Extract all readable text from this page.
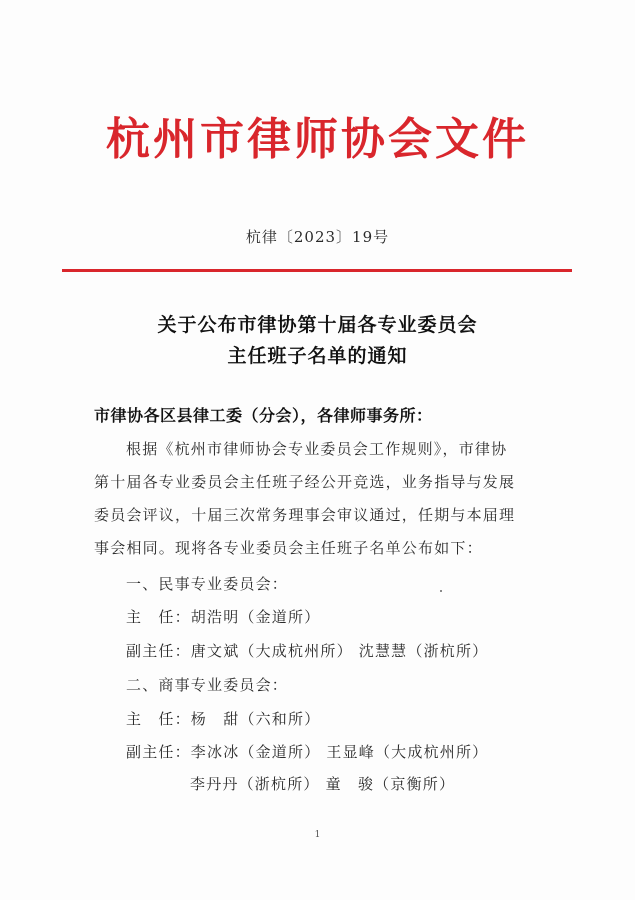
杭州市律师协会文件
杭律〔2023〕19号
关于公布市律协第十届各专业委员会
主任班子名单的通知
市律协各区县律工委（分会），各律师事务所：
根据《杭州市律师协会专业委员会工作规则》，市律协
第十届各专业委员会主任班子经公开竞选，业务指导与发展
委员会评议，十届三次常务理事会审议通过，任期与本届理
事会相同。现将各专业委员会主任班子名单公布如下：
一、民事专业委员会：
主　任：胡浩明（金道所）
副主任：唐文斌（大成杭州所） 沈慧慧（浙杭所）
二、商事专业委员会：
主　任：杨　甜（六和所）
副主任：李冰冰（金道所） 王显峰（大成杭州所）
李丹丹（浙杭所） 童　骏（京衡所）
1
